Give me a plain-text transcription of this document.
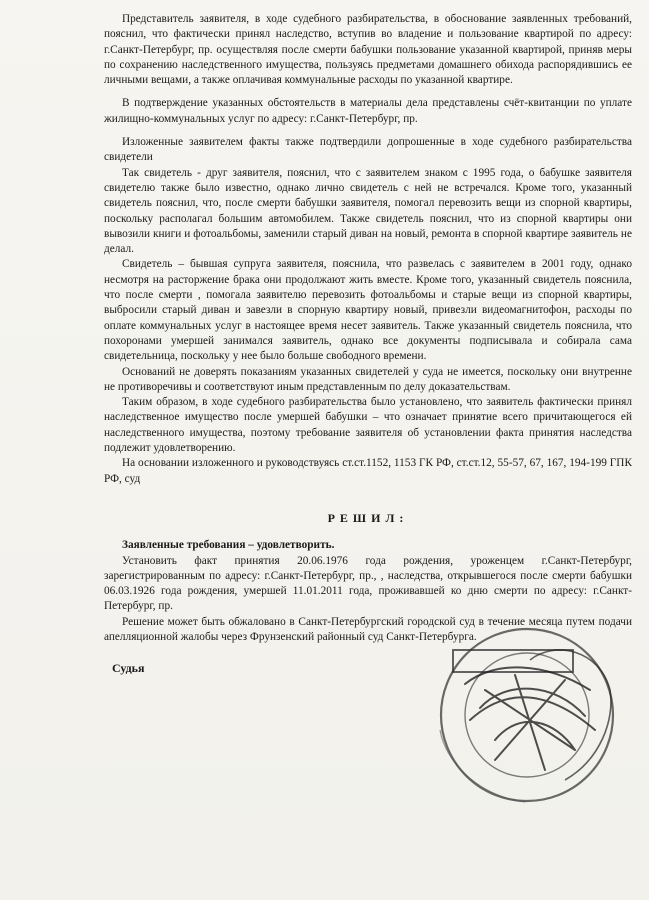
Представитель заявителя, в ходе судебного разбирательства, в обоснование заявленных требований, пояснил, что фактически принял наследство, вступив во владение и пользование квартирой по адресу: г.Санкт-Петербург, пр. осуществляя после смерти бабушки пользование указанной квартирой, приняв меры по сохранению наследственного имущества, пользуясь предметами домашнего обихода распорядившись ее личными вещами, а также оплачивая коммунальные расходы по указанной квартире.

В подтверждение указанных обстоятельств в материалы дела представлены счёт-квитанции по уплате жилищно-коммунальных услуг по адресу: г.Санкт-Петербург, пр.

Изложенные заявителем факты также подтвердили допрошенные в ходе судебного разбирательства свидетели

Так свидетель - друг заявителя, пояснил, что с заявителем знаком с 1995 года, о бабушке заявителя свидетелю также было известно, однако лично свидетель с ней не встречался. Кроме того, указанный свидетель пояснил, что, после смерти бабушки заявителя, помогал перевозить вещи из спорной квартиры, поскольку располагал большим автомобилем. Также свидетель пояснил, что из спорной квартиры они вывозили книги и фотоальбомы, заменили старый диван на новый, ремонта в спорной квартире заявитель не делал.

Свидетель – бывшая супруга заявителя, пояснила, что развелась с заявителем в 2001 году, однако несмотря на расторжение брака они продолжают жить вместе. Кроме того, указанный свидетель пояснила, что после смерти , помогала заявителю перевозить фотоальбомы и старые вещи из спорной квартиры, выбросили старый диван и завезли в спорную квартиру новый, привезли видеомагнитофон, расходы по оплате коммунальных услуг в настоящее время несет заявитель. Также указанный свидетель пояснила, что похоронами умершей занимался заявитель, однако все документы подписывала и собирала сама свидетельница, поскольку у нее было больше свободного времени.

Оснований не доверять показаниям указанных свидетелей у суда не имеется, поскольку они внутренне не противоречивы и соответствуют иным представленным по делу доказательствам.

Таким образом, в ходе судебного разбирательства было установлено, что заявитель фактически принял наследственное имущество после умершей бабушки – что означает принятие всего причитающегося ей наследственного имущества, поэтому требование заявителя об установлении факта принятия наследства подлежит удовлетворению.

На основании изложенного и руководствуясь ст.ст.1152, 1153 ГК РФ, ст.ст.12, 55-57, 67, 167, 194-199 ГПК РФ, суд

РЕШИЛ:

Заявленные требования – удовлетворить.

Установить факт принятия 20.06.1976 года рождения, уроженцем г.Санкт-Петербург, зарегистрированным по адресу: г.Санкт-Петербург, пр., , наследства, открывшегося после смерти бабушки 06.03.1926 года рождения, умершей 11.01.2011 года, проживавшей ко дню смерти по адресу: г.Санкт-Петербург, пр.

Решение может быть обжаловано в Санкт-Петербургский городской суд в течение месяца путем подачи апелляционной жалобы через Фрунзенский районный суд Санкт-Петербурга.

Судья
